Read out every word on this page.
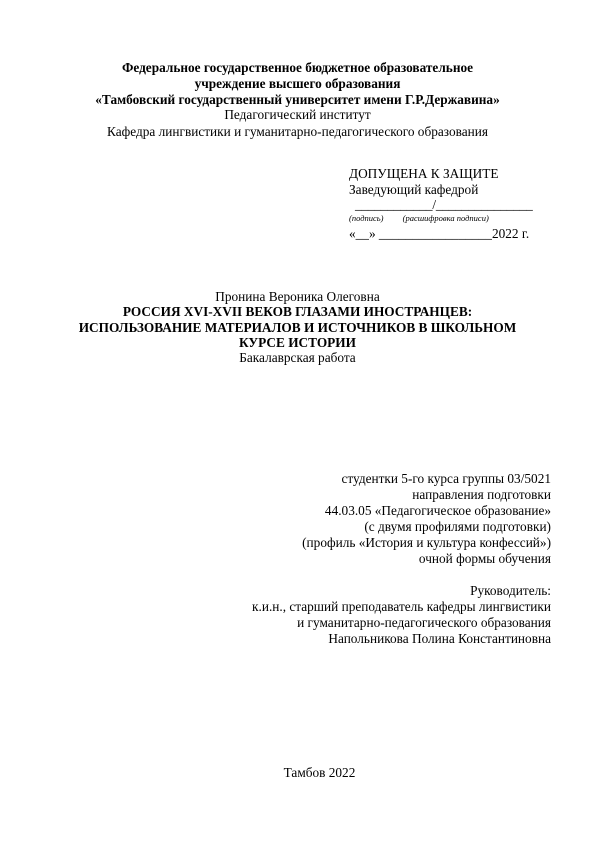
Федеральное государственное бюджетное образовательное
учреждение высшего образования
«Тамбовский государственный университет имени Г.Р.Державина»
Педагогический институт
Кафедра лингвистики и гуманитарно-педагогического образования
ДОПУЩЕНА К ЗАЩИТЕ
Заведующий кафедрой
____________/_______________
(подпись)         (расшифровка подписи)
«__» _________________2022 г.
Пронина Вероника Олеговна
РОССИЯ XVI-XVII ВЕКОВ ГЛАЗАМИ ИНОСТРАНЦЕВ:
ИСПОЛЬЗОВАНИЕ МАТЕРИАЛОВ И ИСТОЧНИКОВ В ШКОЛЬНОМ
КУРСЕ ИСТОРИИ
Бакалаврская работа
студентки 5-го курса группы 03/5021
направления подготовки
44.03.05 «Педагогическое образование»
(с двумя профилями подготовки)
(профиль «История и культура конфессий»)
очной формы обучения
Руководитель:
к.и.н., старший преподаватель кафедры лингвистики
и гуманитарно-педагогического образования
Напольникова Полина Константиновна
Тамбов 2022
